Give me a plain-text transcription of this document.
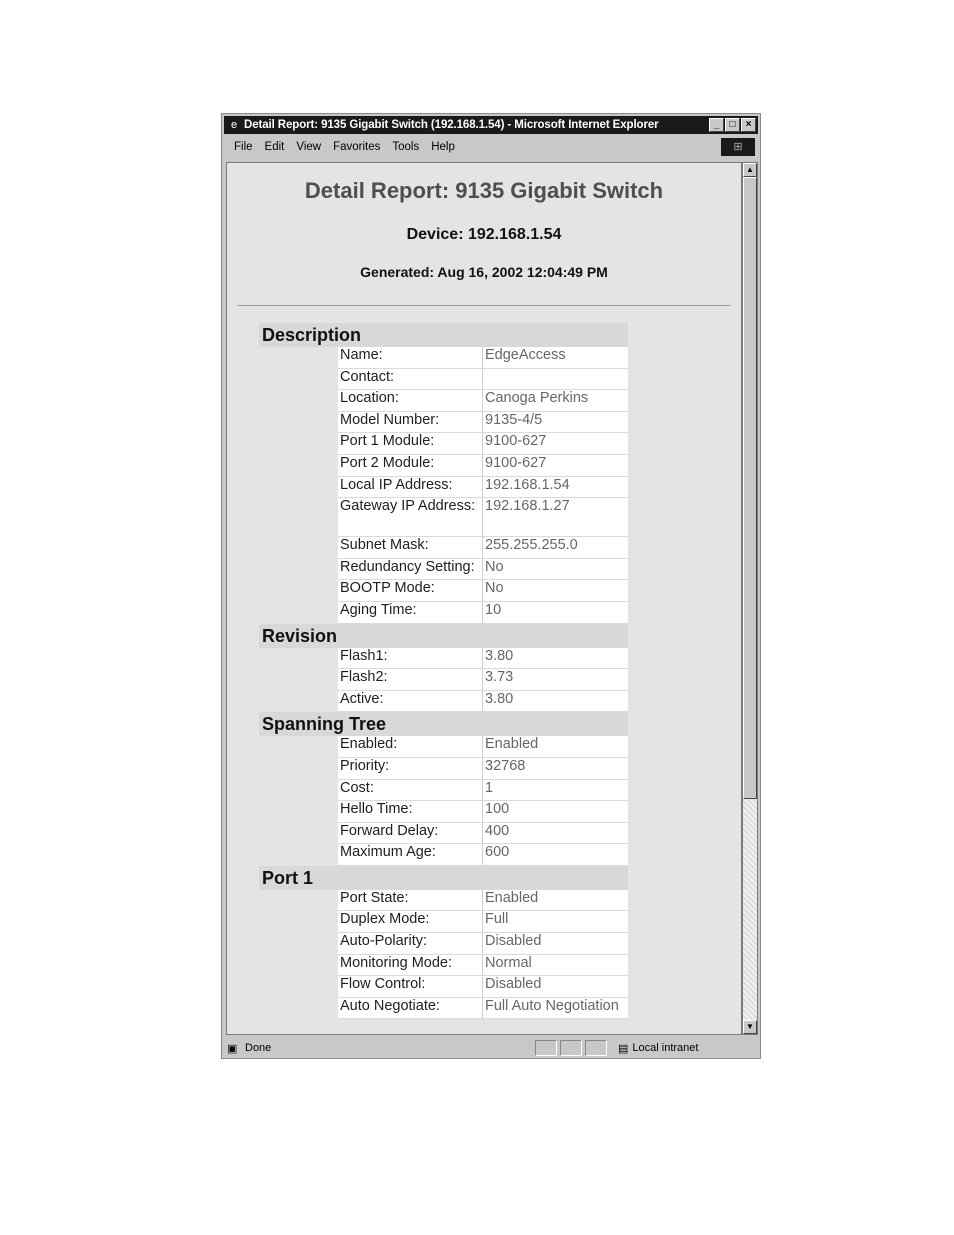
e Detail Report: 9135 Gigabit Switch (192.168.1.54) - Microsoft Internet Explorer	_	□	×
File Edit View Favorites Tools Help	⊞
Detail Report: 9135 Gigabit Switch
Device: 192.168.1.54
Generated: Aug 16, 2002 12:04:49 PM
Description
Name:	EdgeAccess
Contact:
Location:	Canoga Perkins
Model Number:	9135-4/5
Port 1 Module:	9100-627
Port 2 Module:	9100-627
Local IP Address:	192.168.1.54
Gateway IP Address: 192.168.1.27
Subnet Mask:	255.255.255.0
Redundancy Setting: No
BOOTP Mode:	No
Aging Time:	10
Revision
Flash1:	3.80
Flash2:	3.73
Active:	3.80
Spanning Tree
Enabled:	Enabled
Priority:	32768
Cost:	1
Hello Time:	100
Forward Delay:	400
Maximum Age:	600
Port 1
Port State:	Enabled
Duplex Mode:	Full
Auto-Polarity:	Disabled
Monitoring Mode:	Normal
Flow Control:	Disabled
Auto Negotiate:	Full Auto Negotiation
▲
▼
▣ Done	▤ Local intranet
